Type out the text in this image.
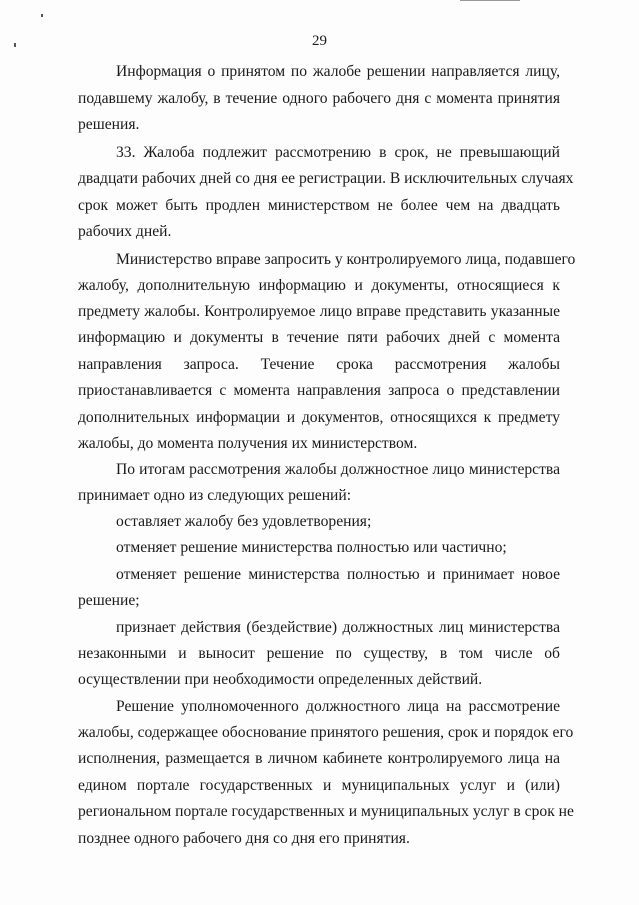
29
Информация о принятом по жалобе решении направляется лицу,
подавшему жалобу, в течение одного рабочего дня с момента принятия
решения.
33. Жалоба подлежит рассмотрению в срок, не превышающий
двадцати рабочих дней со дня ее регистрации. В исключительных случаях
срок может быть продлен министерством не более чем на двадцать
рабочих дней.
Министерство вправе запросить у контролируемого лица, подавшего
жалобу, дополнительную информацию и документы, относящиеся к
предмету жалобы. Контролируемое лицо вправе представить указанные
информацию и документы в течение пяти рабочих дней с момента
направления запроса. Течение срока рассмотрения жалобы
приостанавливается с момента направления запроса о представлении
дополнительных информации и документов, относящихся к предмету
жалобы, до момента получения их министерством.
По итогам рассмотрения жалобы должностное лицо министерства
принимает одно из следующих решений:
оставляет жалобу без удовлетворения;
отменяет решение министерства полностью или частично;
отменяет решение министерства полностью и принимает новое
решение;
признает действия (бездействие) должностных лиц министерства
незаконными и выносит решение по существу, в том числе об
осуществлении при необходимости определенных действий.
Решение уполномоченного должностного лица на рассмотрение
жалобы, содержащее обоснование принятого решения, срок и порядок его
исполнения, размещается в личном кабинете контролируемого лица на
едином портале государственных и муниципальных услуг и (или)
региональном портале государственных и муниципальных услуг в срок не
позднее одного рабочего дня со дня его принятия.
